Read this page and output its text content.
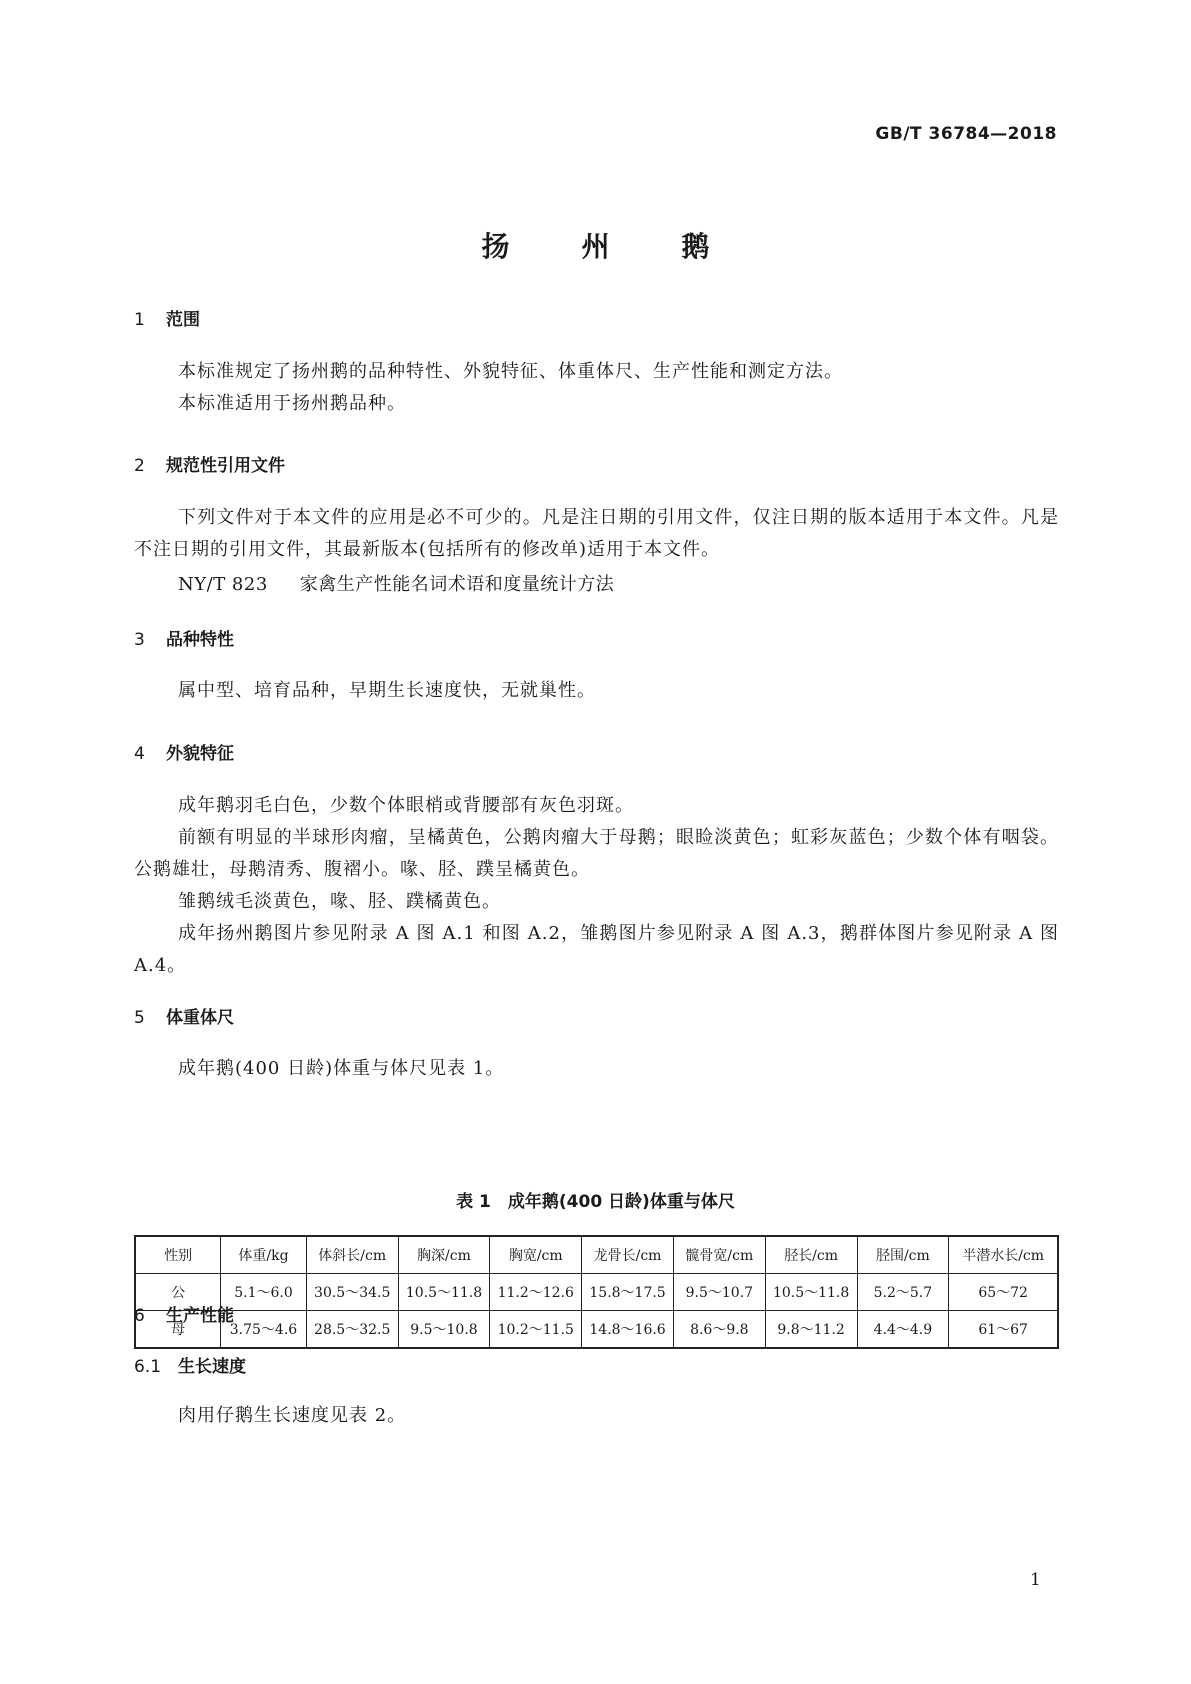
GB/T 36784—2018
扬	州	鹅
1 范围
本标准规定了扬州鹅的品种特性、外貌特征、体重体尺、生产性能和测定方法。
本标准适用于扬州鹅品种。
2 规范性引用文件
下列文件对于本文件的应用是必不可少的。凡是注日期的引用文件，仅注日期的版本适用于本文件。凡是不注日期的引用文件，其最新版本(包括所有的修改单)适用于本文件。
NY/T 823 家禽生产性能名词术语和度量统计方法
3 品种特性
属中型、培育品种，早期生长速度快，无就巢性。
4 外貌特征
成年鹅羽毛白色，少数个体眼梢或背腰部有灰色羽斑。
前额有明显的半球形肉瘤，呈橘黄色，公鹅肉瘤大于母鹅；眼睑淡黄色；虹彩灰蓝色；少数个体有咽袋。公鹅雄壮，母鹅清秀、腹褶小。喙、胫、蹼呈橘黄色。
雏鹅绒毛淡黄色，喙、胫、蹼橘黄色。
成年扬州鹅图片参见附录 A 图 A.1 和图 A.2，雏鹅图片参见附录 A 图 A.3，鹅群体图片参见附录 A 图 A.4。
5 体重体尺
成年鹅(400 日龄)体重与体尺见表 1。
表 1　成年鹅(400 日龄)体重与体尺
性别	体重/kg	体斜长/cm	胸深/cm	胸宽/cm	龙骨长/cm	髋骨宽/cm	胫长/cm	胫围/cm	半潜水长/cm
公	5.1～6.0	30.5～34.5	10.5～11.8	11.2～12.6	15.8～17.5	9.5～10.7	10.5～11.8	5.2～5.7	65～72
母	3.75～4.6	28.5～32.5	9.5～10.8	10.2～11.5	14.8～16.6	8.6～9.8	9.8～11.2	4.4～4.9	61～67
6 生产性能
6.1 生长速度
肉用仔鹅生长速度见表 2。
1
